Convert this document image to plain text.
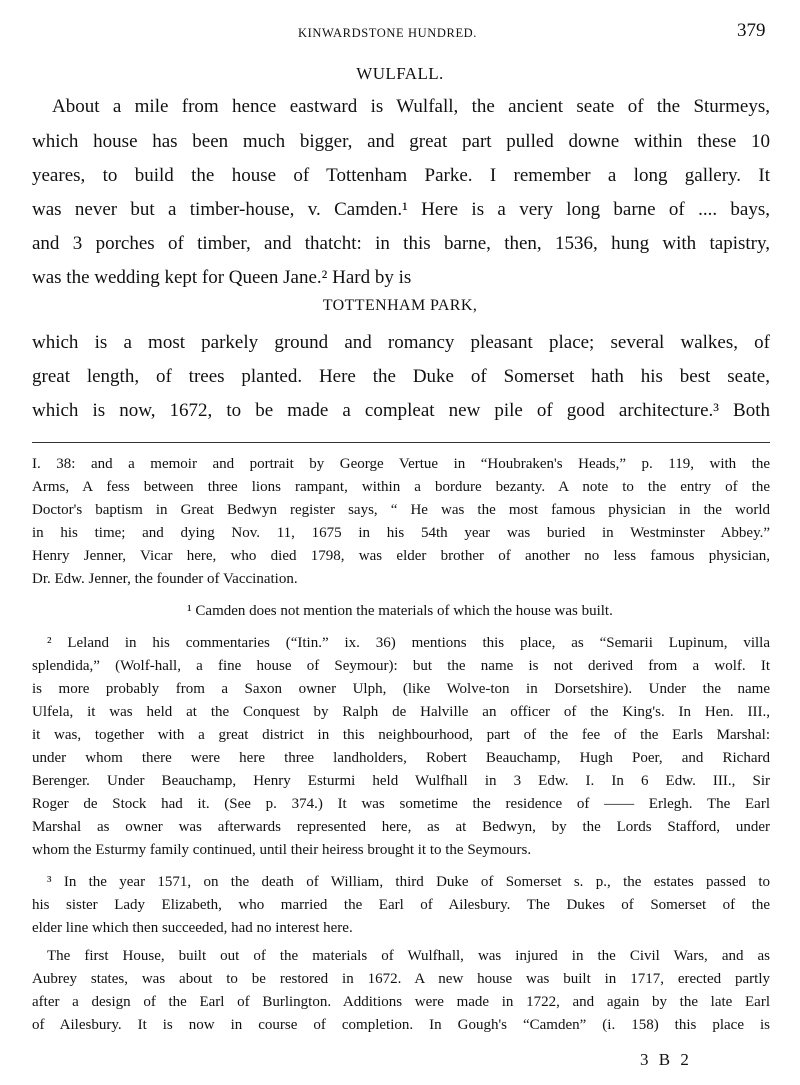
KINWARDSTONE HUNDRED.	379
WULFALL.
About a mile from hence eastward is Wulfall, the ancient seate of the Sturmeys,
which house has been much bigger, and great part pulled downe within these 10
yeares, to build the house of Tottenham Parke. I remember a long gallery. It
was never but a timber-house, v. Camden.¹ Here is a very long barne of .... bays,
and 3 porches of timber, and thatcht: in this barne, then, 1536, hung with tapistry,
was the wedding kept for Queen Jane.² Hard by is
TOTTENHAM PARK,
which is a most parkely ground and romancy pleasant place; several walkes, of
great length, of trees planted. Here the Duke of Somerset hath his best seate,
which is now, 1672, to be made a compleat new pile of good architecture.³ Both
I. 38: and a memoir and portrait by George Vertue in “Houbraken's Heads,” p. 119, with the
Arms, A fess between three lions rampant, within a bordure bezanty. A note to the entry of the
Doctor's baptism in Great Bedwyn register says, “ He was the most famous physician in the world
in his time; and dying Nov. 11, 1675 in his 54th year was buried in Westminster Abbey.”
Henry Jenner, Vicar here, who died 1798, was elder brother of another no less famous physician,
Dr. Edw. Jenner, the founder of Vaccination.
¹ Camden does not mention the materials of which the house was built.
² Leland in his commentaries (“Itin.” ix. 36) mentions this place, as “Semarii Lupinum, villa
splendida,” (Wolf-hall, a fine house of Seymour): but the name is not derived from a wolf. It
is more probably from a Saxon owner Ulph, (like Wolve-ton in Dorsetshire). Under the name
Ulfela, it was held at the Conquest by Ralph de Halville an officer of the King's. In Hen. III.,
it was, together with a great district in this neighbourhood, part of the fee of the Earls Marshal:
under whom there were here three landholders, Robert Beauchamp, Hugh Poer, and Richard
Berenger. Under Beauchamp, Henry Esturmi held Wulfhall in 3 Edw. I. In 6 Edw. III., Sir
Roger de Stock had it. (See p. 374.) It was sometime the residence of —— Erlegh. The Earl
Marshal as owner was afterwards represented here, as at Bedwyn, by the Lords Stafford, under
whom the Esturmy family continued, until their heiress brought it to the Seymours.
³ In the year 1571, on the death of William, third Duke of Somerset s. p., the estates passed to
his sister Lady Elizabeth, who married the Earl of Ailesbury. The Dukes of Somerset of the
elder line which then succeeded, had no interest here.
The first House, built out of the materials of Wulfhall, was injured in the Civil Wars, and as
Aubrey states, was about to be restored in 1672. A new house was built in 1717, erected partly
after a design of the Earl of Burlington. Additions were made in 1722, and again by the late Earl
of Ailesbury. It is now in course of completion. In Gough's “Camden” (i. 158) this place is
3 B 2
